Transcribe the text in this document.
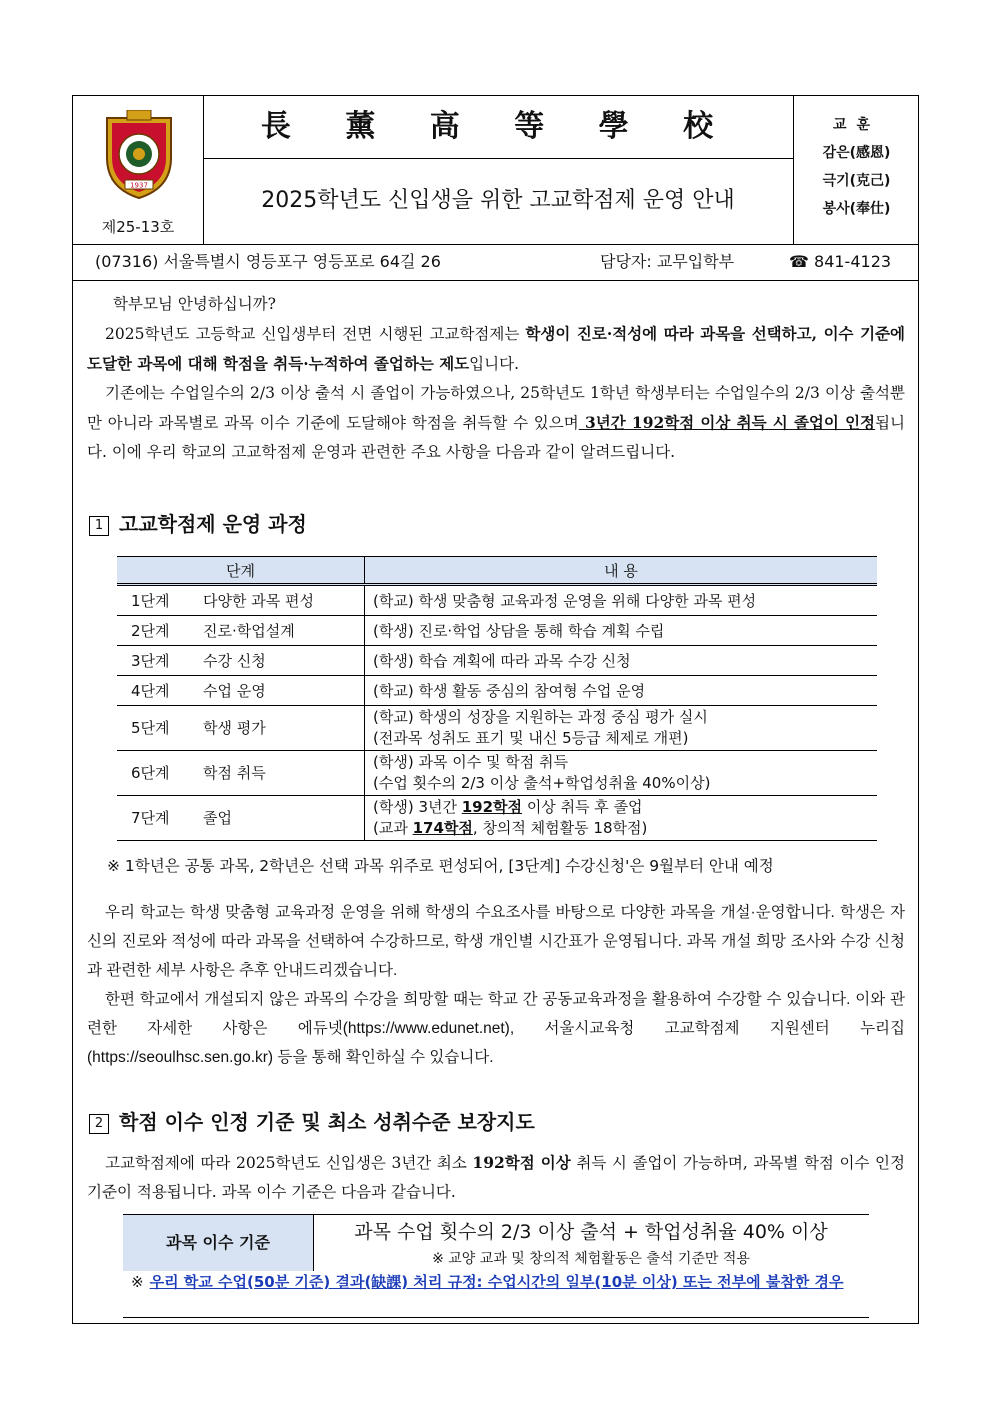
1937
제25-13호
長 薰 高 等 學 校
2025학년도 신입생을 위한 고교학점제 운영 안내
교훈
감은(感恩)
극기(克己)
봉사(奉仕)
(07316) 서울특별시 영등포구 영등포로 64길 26	담당자: 교무입학부	☎ 841-4123

학부모님 안녕하십니까?

2025학년도 고등학교 신입생부터 전면 시행된 고교학점제는 학생이 진로·적성에 따라 과목을 선택하고, 이수 기준에 도달한 과목에 대해 학점을 취득·누적하여 졸업하는 제도입니다.

기존에는 수업일수의 2/3 이상 출석 시 졸업이 가능하였으나, 25학년도 1학년 학생부터는 수업일수의 2/3 이상 출석뿐만 아니라 과목별로 과목 이수 기준에 도달해야 학점을 취득할 수 있으며 3년간 192학점 이상 취득 시 졸업이 인정됩니다. 이에 우리 학교의 고교학점제 운영과 관련한 주요 사항을 다음과 같이 알려드립니다.

1 고교학점제 운영 과정
단계	내 용
1단계 다양한 과목 편성	(학교) 학생 맞춤형 교육과정 운영을 위해 다양한 과목 편성
2단계 진로·학업설계	(학생) 진로·학업 상담을 통해 학습 계획 수립
3단계 수강 신청	(학생) 학습 계획에 따라 과목 수강 신청
4단계 수업 운영	(학교) 학생 활동 중심의 참여형 수업 운영
5단계 학생 평가	(학교) 학생의 성장을 지원하는 과정 중심 평가 실시
(전과목 성취도 표기 및 내신 5등급 체제로 개편)

6단계 학점 취득	(학생) 과목 이수 및 학점 취득
(수업 횟수의 2/3 이상 출석+학업성취율 40%이상)

7단계 졸업	(학생) 3년간 192학점 이상 취득 후 졸업
(교과 174학점, 창의적 체험활동 18학점)
※ 1학년은 공통 과목, 2학년은 선택 과목 위주로 편성되어, [3단계] 수강신청'은 9월부터 안내 예정

우리 학교는 학생 맞춤형 교육과정 운영을 위해 학생의 수요조사를 바탕으로 다양한 과목을 개설·운영합니다. 학생은 자신의 진로와 적성에 따라 과목을 선택하여 수강하므로, 학생 개인별 시간표가 운영됩니다. 과목 개설 희망 조사와 수강 신청과 관련한 세부 사항은 추후 안내드리겠습니다.

한편 학교에서 개설되지 않은 과목의 수강을 희망할 때는 학교 간 공동교육과정을 활용하여 수강할 수 있습니다. 이와 관련한 자세한 사항은 에듀넷(https://www.edunet.net), 서울시교육청 고교학점제 지원센터 누리집(https://seoulhsc.sen.go.kr) 등을 통해 확인하실 수 있습니다.

2 학점 이수 인정 기준 및 최소 성취수준 보장지도

고교학점제에 따라 2025학년도 신입생은 3년간 최소 192학점 이상 취득 시 졸업이 가능하며, 과목별 학점 이수 인정 기준이 적용됩니다. 과목 이수 기준은 다음과 같습니다.

과목 이수 기준	과목 수업 횟수의 2/3 이상 출석 + 학업성취율 40% 이상
※ 교양 교과 및 창의적 체험활동은 출석 기준만 적용
※ 우리 학교 수업(50분 기준) 결과(缺課) 처리 규정: 수업시간의 일부(10분 이상) 또는 전부에 불참한 경우
